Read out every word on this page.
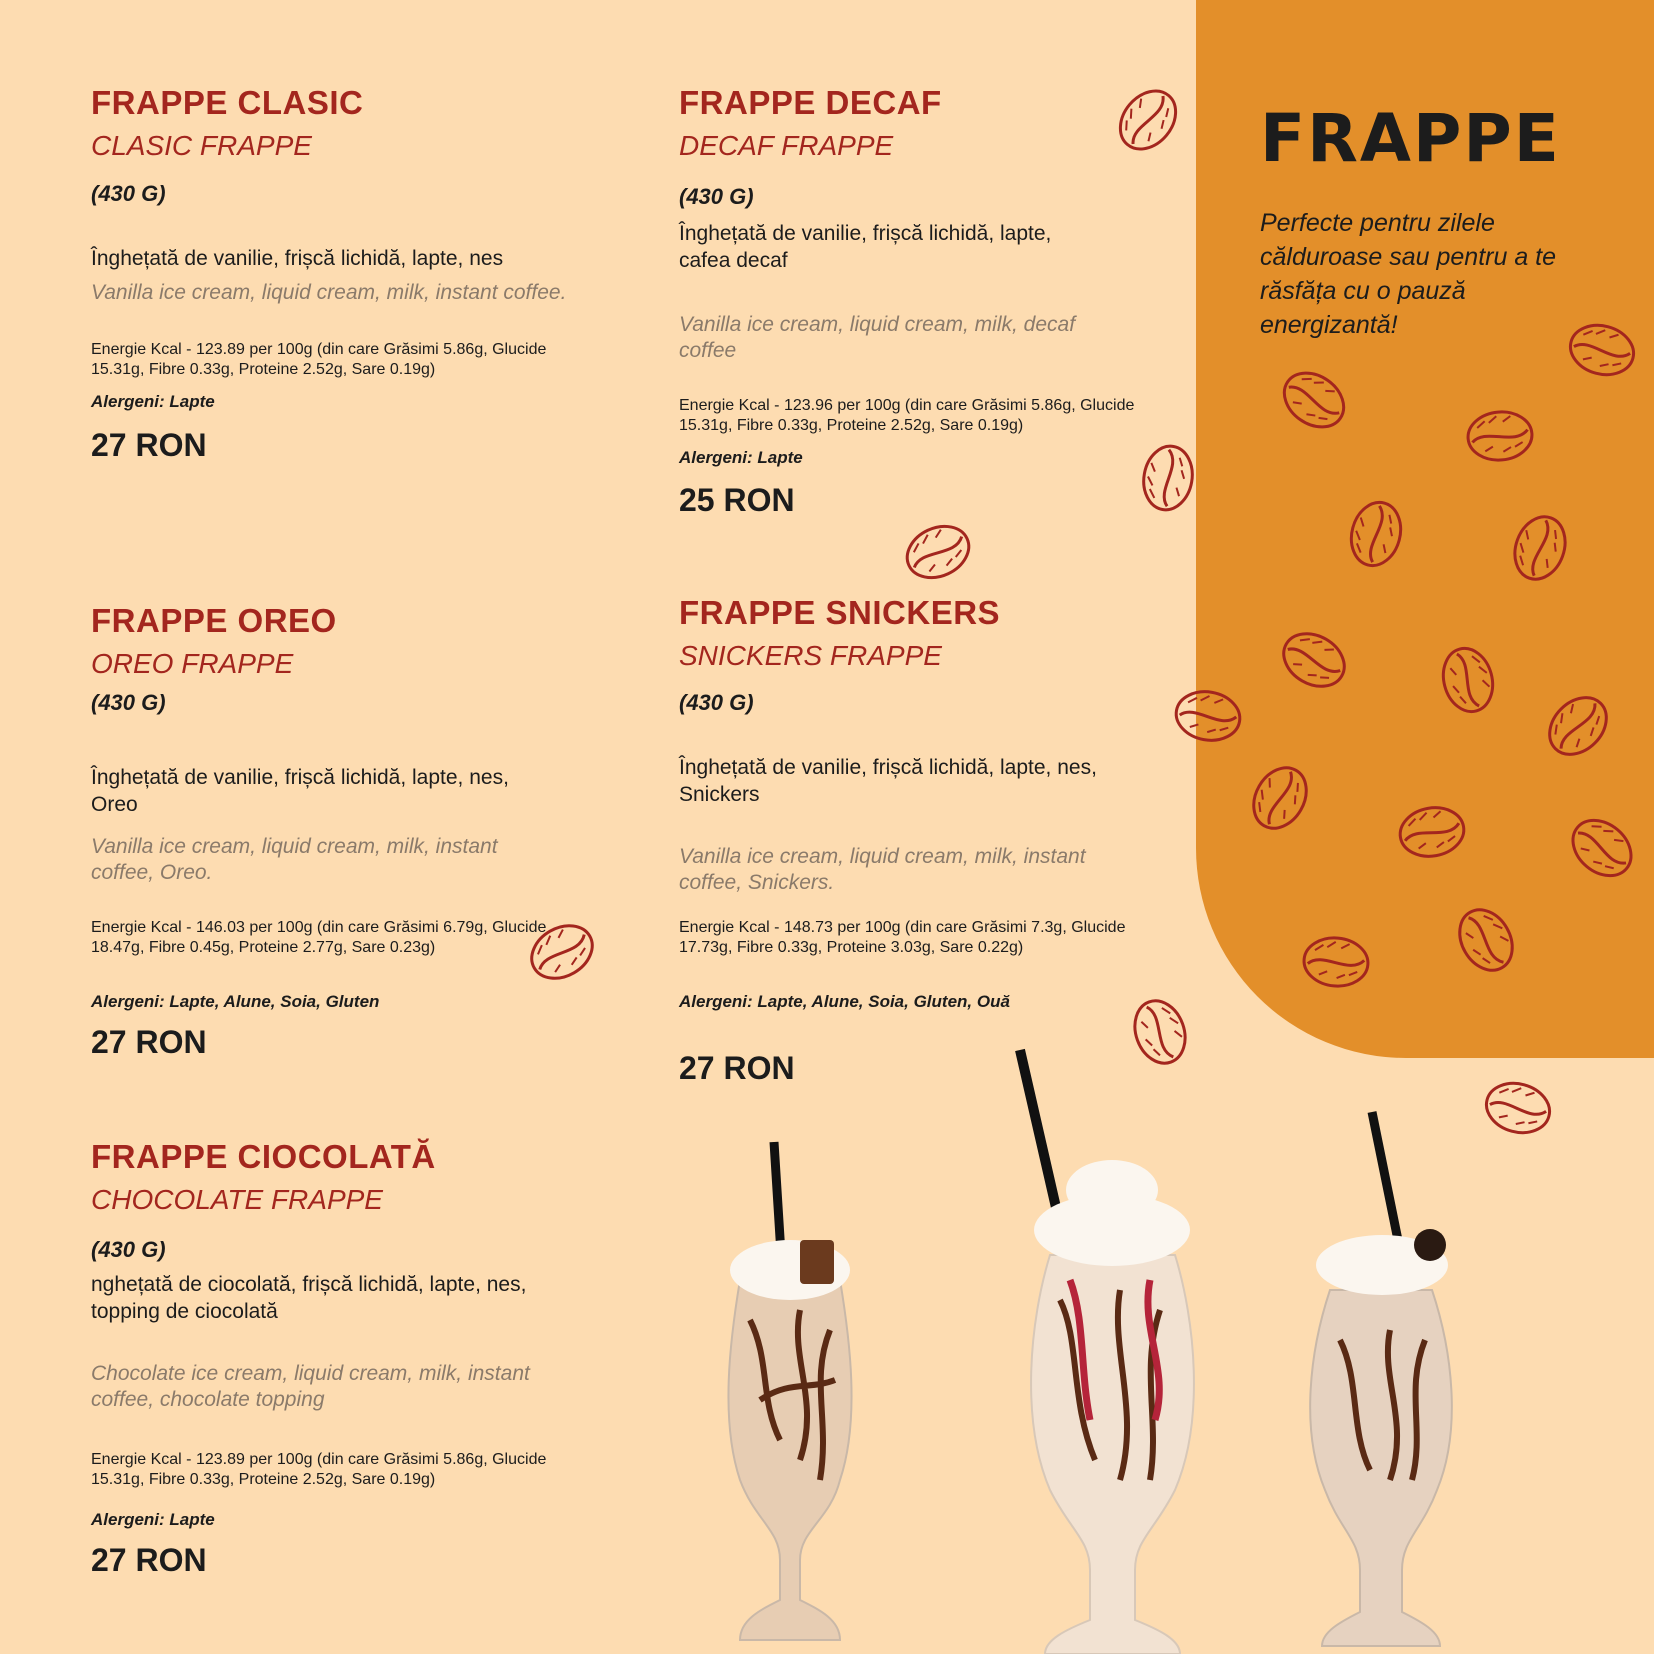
FRAPPE

Perfecte pentru zilele călduroase sau pentru a te răsfăța cu o pauză energizantă!

FRAPPE CLASIC

CLASIC FRAPPE

(430 G)
Înghețată de vanilie, frișcă lichidă, lapte, nes
Vanilla ice cream, liquid cream, milk, instant coffee.
Energie Kcal - 123.89 per 100g (din care Grăsimi 5.86g, Glucide 15.31g, Fibre 0.33g, Proteine 2.52g, Sare 0.19g)
Alergeni: Lapte
27 RON
FRAPPE DECAF

DECAF FRAPPE

(430 G)
Înghețată de vanilie, frișcă lichidă, lapte, cafea decaf
Vanilla ice cream, liquid cream, milk, decaf coffee
Energie Kcal - 123.96 per 100g (din care Grăsimi 5.86g, Glucide 15.31g, Fibre 0.33g, Proteine 2.52g, Sare 0.19g)
Alergeni: Lapte
25 RON
FRAPPE OREO

OREO FRAPPE

(430 G)
Înghețată de vanilie, frișcă lichidă, lapte, nes, Oreo
Vanilla ice cream, liquid cream, milk, instant coffee, Oreo.
Energie Kcal - 146.03 per 100g (din care Grăsimi 6.79g, Glucide 18.47g, Fibre 0.45g, Proteine 2.77g, Sare 0.23g)
Alergeni: Lapte, Alune, Soia, Gluten
27 RON
FRAPPE SNICKERS

SNICKERS FRAPPE

(430 G)
Înghețată de vanilie, frișcă lichidă, lapte, nes, Snickers
Vanilla ice cream, liquid cream, milk, instant coffee, Snickers.
Energie Kcal - 148.73 per 100g (din care Grăsimi 7.3g, Glucide 17.73g, Fibre 0.33g, Proteine 3.03g, Sare 0.22g)
Alergeni: Lapte, Alune, Soia, Gluten, Ouă
27 RON
FRAPPE CIOCOLATĂ

CHOCOLATE FRAPPE

(430 G)
nghețată de ciocolată, frișcă lichidă, lapte, nes, topping de ciocolată
Chocolate ice cream, liquid cream, milk, instant coffee, chocolate topping
Energie Kcal - 123.89 per 100g (din care Grăsimi 5.86g, Glucide 15.31g, Fibre 0.33g, Proteine 2.52g, Sare 0.19g)
Alergeni: Lapte
27 RON
